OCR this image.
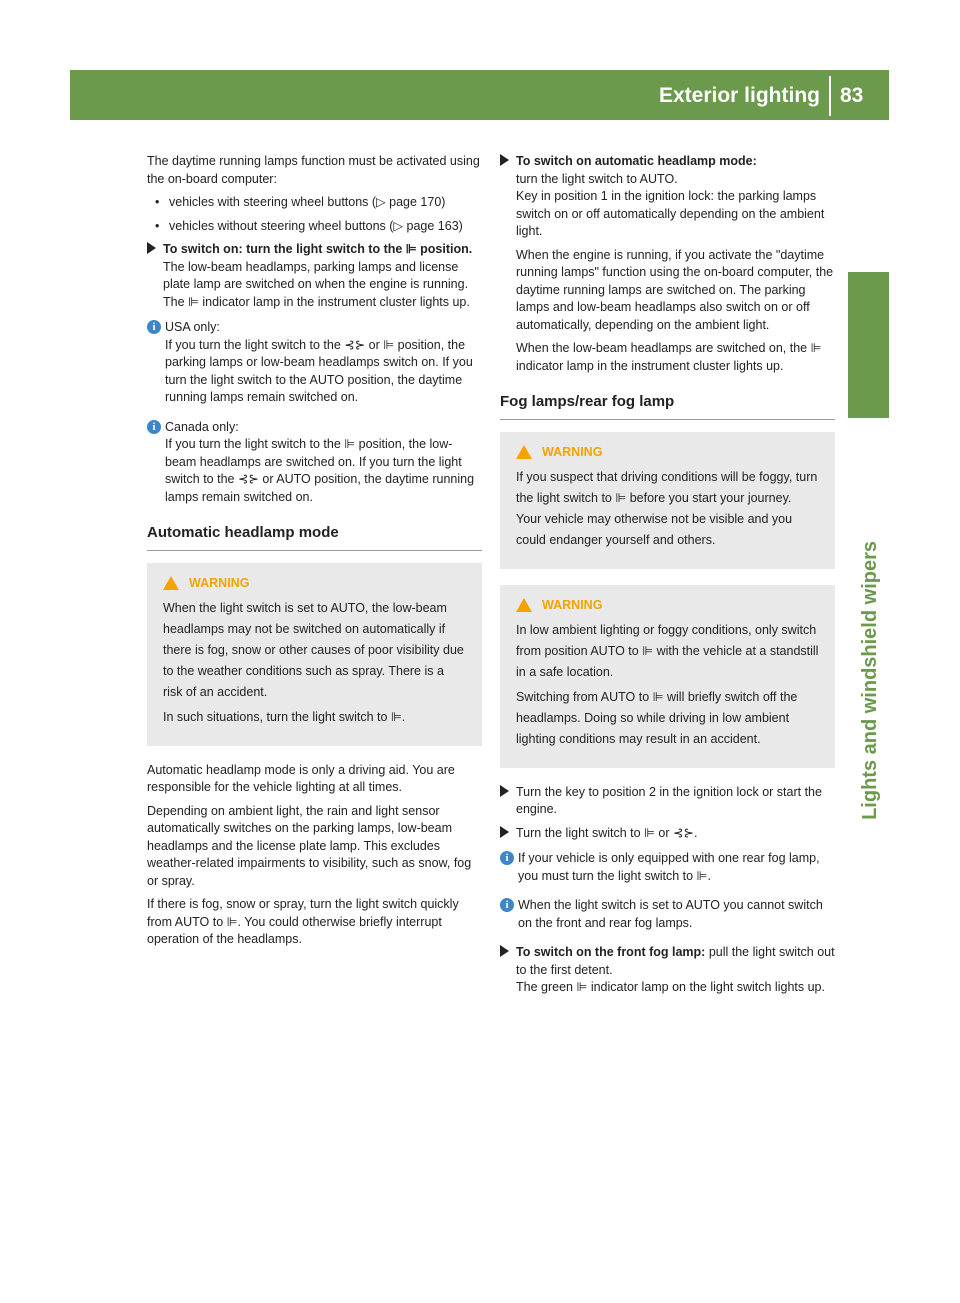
Exterior lighting 83
Lights and windshield wipers

The daytime running lamps function must be activated using the on-board computer:

• vehicles with steering wheel buttons (▷ page 170)
• vehicles without steering wheel buttons (▷ page 163)
To switch on: turn the light switch to the ⊫ position.
The low-beam headlamps, parking lamps and license plate lamp are switched on when the engine is running. The ⊫ indicator lamp in the instrument cluster lights up.
i USA only:
If you turn the light switch to the ⊰⊱ or ⊫ position, the parking lamps or low-beam headlamps switch on. If you turn the light switch to the AUTO position, the daytime running lamps remain switched on.
i Canada only:
If you turn the light switch to the ⊫ position, the low-beam headlamps are switched on. If you turn the light switch to the ⊰⊱ or AUTO position, the daytime running lamps remain switched on.
Automatic headlamp mode
WARNING

When the light switch is set to AUTO, the low-beam headlamps may not be switched on automatically if there is fog, snow or other causes of poor visibility due to the weather conditions such as spray. There is a risk of an accident.

In such situations, turn the light switch to ⊫.

Automatic headlamp mode is only a driving aid. You are responsible for the vehicle lighting at all times.

Depending on ambient light, the rain and light sensor automatically switches on the parking lamps, low-beam headlamps and the license plate lamp. This excludes weather-related impairments to visibility, such as snow, fog or spray.

If there is fog, snow or spray, turn the light switch quickly from AUTO to ⊫. You could otherwise briefly interrupt operation of the headlamps.

To switch on automatic headlamp mode:
turn the light switch to AUTO.

Key in position 1 in the ignition lock: the parking lamps switch on or off automatically depending on the ambient light.

When the engine is running, if you activate the "daytime running lamps" function using the on-board computer, the daytime running lamps are switched on. The parking lamps and low-beam headlamps also switch on or off automatically, depending on the ambient light.

When the low-beam headlamps are switched on, the ⊫ indicator lamp in the instrument cluster lights up.

Fog lamps/rear fog lamp
WARNING

If you suspect that driving conditions will be foggy, turn the light switch to ⊫ before you start your journey. Your vehicle may otherwise not be visible and you could endanger yourself and others.

WARNING

In low ambient lighting or foggy conditions, only switch from position AUTO to ⊫ with the vehicle at a standstill in a safe location.

Switching from AUTO to ⊫ will briefly switch off the headlamps. Doing so while driving in low ambient lighting conditions may result in an accident.

Turn the key to position 2 in the ignition lock or start the engine.
Turn the light switch to ⊫ or ⊰⊱.
i If your vehicle is only equipped with one rear fog lamp, you must turn the light switch to ⊫.
i When the light switch is set to AUTO you cannot switch on the front and rear fog lamps.
To switch on the front fog lamp: pull the light switch out to the first detent.
The green ⊫ indicator lamp on the light switch lights up.
